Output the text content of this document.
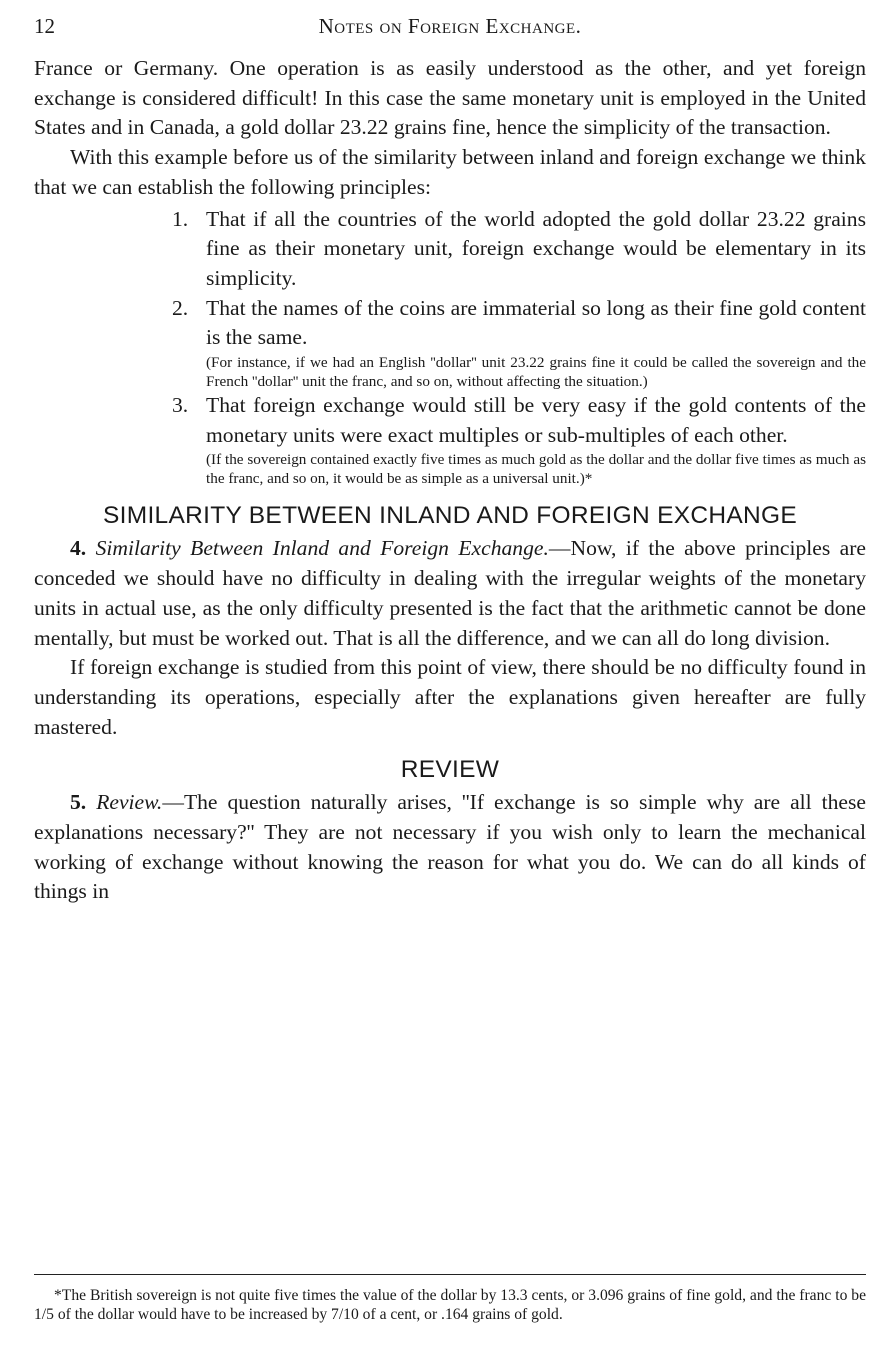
12	Notes on Foreign Exchange.

France or Germany. One operation is as easily understood as the other, and yet foreign exchange is considered difficult! In this case the same monetary unit is employed in the United States and in Canada, a gold dollar 23.22 grains fine, hence the simplicity of the transaction.

With this example before us of the similarity between inland and foreign exchange we think that we can establish the following principles:

1. That if all the countries of the world adopted the gold dollar 23.22 grains fine as their monetary unit, foreign exchange would be elementary in its simplicity.
2. That the names of the coins are immaterial so long as their fine gold content is the same.

(For instance, if we had an English ''dollar'' unit 23.22 grains fine it could be called the sovereign and the French ''dollar'' unit the franc, and so on, without affecting the situation.)

3. That foreign exchange would still be very easy if the gold contents of the monetary units were exact multiples or sub-multiples of each other.

(If the sovereign contained exactly five times as much gold as the dollar and the dollar five times as much as the franc, and so on, it would be as simple as a universal unit.)*

SIMILARITY BETWEEN INLAND AND FOREIGN EXCHANGE

4. Similarity Between Inland and Foreign Exchange.—Now, if the above principles are conceded we should have no difficulty in dealing with the irregular weights of the monetary units in actual use, as the only difficulty presented is the fact that the arithmetic cannot be done mentally, but must be worked out. That is all the difference, and we can all do long division.

If foreign exchange is studied from this point of view, there should be no difficulty found in understanding its operations, especially after the explanations given hereafter are fully mastered.

REVIEW

5. Review.—The question naturally arises, ''If exchange is so simple why are all these explanations necessary?'' They are not necessary if you wish only to learn the mechanical working of exchange without knowing the reason for what you do. We can do all kinds of things in

*The British sovereign is not quite five times the value of the dollar by 13.3 cents, or 3.096 grains of fine gold, and the franc to be 1/5 of the dollar would have to be increased by 7/10 of a cent, or .164 grains of gold.
